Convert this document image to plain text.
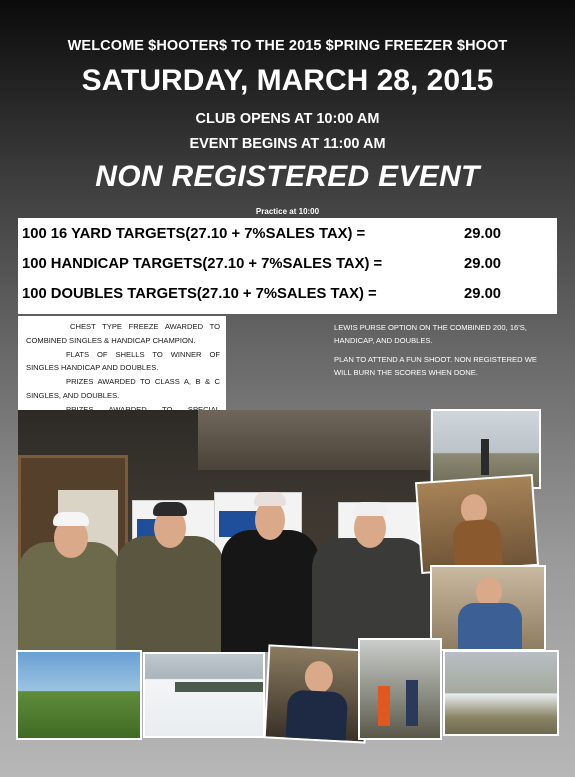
WELCOME $HOOTER$ TO THE 2015 $PRING FREEZER $HOOT
SATURDAY, MARCH 28, 2015
CLUB OPENS AT 10:00 AM
EVENT BEGINS AT 11:00 AM
NON REGISTERED EVENT
Practice at 10:00
100 16 YARD TARGETS(27.10 + 7%SALES TAX) =	29.00
100 HANDICAP TARGETS(27.10 + 7%SALES TAX) =	29.00
100 DOUBLES TARGETS(27.10 + 7%SALES TAX) =	29.00

CHEST TYPE FREEZE AWARDED TO COMBINED SINGLES & HANDICAP CHAMPION.

FLATS OF SHELLS TO WINNER OF SINGLES HANDICAP AND DOUBLES.

PRIZES AWARDED TO CLASS A, B & C SINGLES, AND DOUBLES.

LEWIS PURSE OPTION ON THE COMBINED 200, 16'S, HANDICAP, AND DOUBLES.

PLAN TO ATTEND A FUN SHOOT. NON REGISTERED WE WILL BURN THE SCORES WHEN DONE.
